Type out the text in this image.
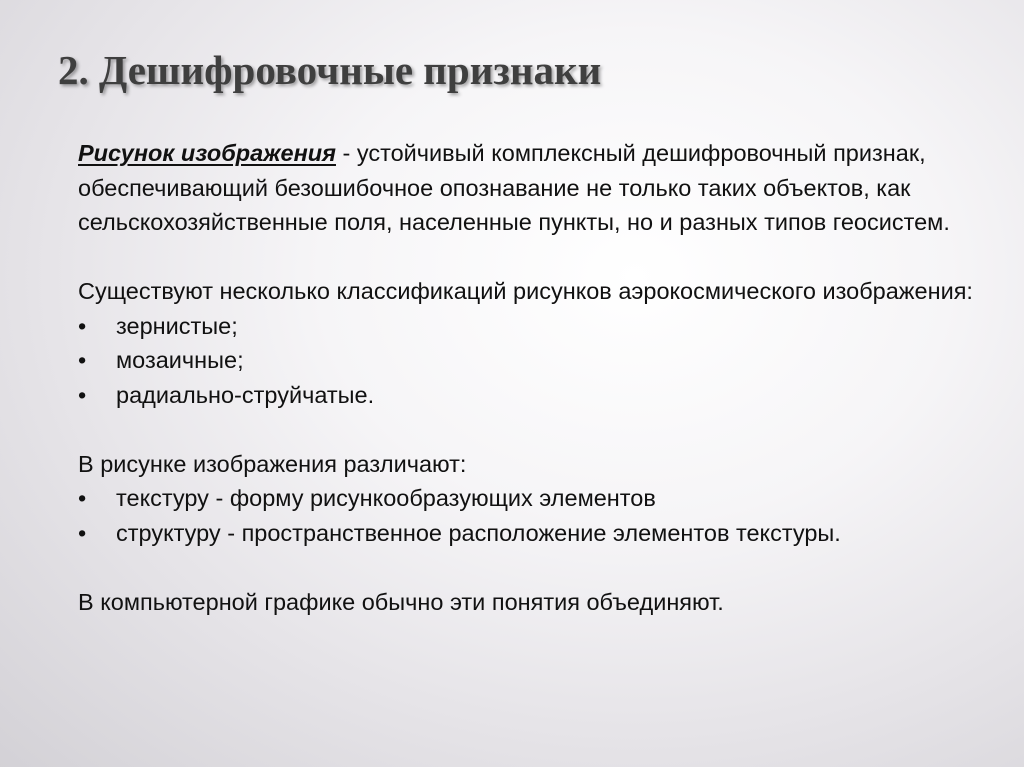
2. Дешифровочные признаки

Рисунок изображения - устойчивый комплексный дешифровочный признак, обеспечивающий безошибочное опознавание не только таких объектов, как сельскохозяйственные поля, населенные пункты, но и разных типов геосистем.

Существуют несколько классификаций рисунков аэрокосмического изображения:

• зернистые;
• мозаичные;
• радиально-струйчатые.

В рисунке изображения различают:

• текстуру - форму рисункообразующих элементов
• структуру - пространственное расположение элементов текстуры.

В компьютерной графике обычно эти понятия объединяют.
